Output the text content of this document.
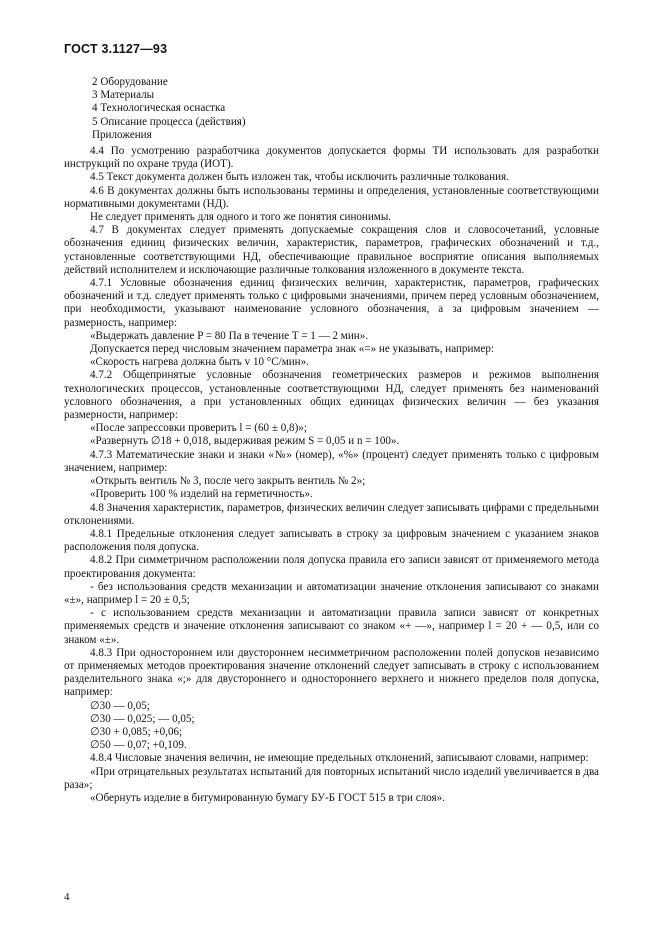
ГОСТ 3.1127—93

2 Оборудование

3 Материалы

4 Технологическая оснастка

5 Описание процесса (действия)

Приложения

4.4 По усмотрению разработчика документов допускается формы ТИ использовать для разработки инструкций по охране труда (ИОТ).

4.5 Текст документа должен быть изложен так, чтобы исключить различные толкования.

4.6 В документах должны быть использованы термины и определения, установленные соответствующими нормативными документами (НД).

Не следует применять для одного и того же понятия синонимы.

4.7 В документах следует применять допускаемые сокращения слов и словосочетаний, условные обозначения единиц физических величин, характеристик, параметров, графических обозначений и т.д., установленные соответствующими НД, обеспечивающие правильное восприятие описания выполняемых действий исполнителем и исключающие различные толкования изложенного в документе текста.

4.7.1 Условные обозначения единиц физических величин, характеристик, параметров, графических обозначений и т.д. следует применять только с цифровыми значениями, причем перед условным обозначением, при необходимости, указывают наименование условного обозначения, а за цифровым значением — размерность, например:

«Выдержать давление P = 80 Па в течение T = 1 — 2 мин».

Допускается перед числовым значением параметра знак «=» не указывать, например:

«Скорость нагрева должна быть v 10 °С/мин».

4.7.2 Общепринятые условные обозначения геометрических размеров и режимов выполнения технологических процессов, установленные соответствующими НД, следует применять без наименований условного обозначения, а при установленных общих единицах физических величин — без указания размерности, например:

«После запрессовки проверить l = (60 ± 0,8)»;

«Развернуть ∅18 + 0,018, выдерживая режим S = 0,05 и n = 100».

4.7.3 Математические знаки и знаки «№» (номер), «%» (процент) следует применять только с цифровым значением, например:

«Открыть вентиль № 3, после чего закрыть вентиль № 2»;

«Проверить 100 % изделий на герметичность».

4.8 Значения характеристик, параметров, физических величин следует записывать цифрами с предельными отклонениями.

4.8.1 Предельные отклонения следует записывать в строку за цифровым значением с указанием знаков расположения поля допуска.

4.8.2 При симметричном расположении поля допуска правила его записи зависят от применяемого метода проектирования документа:

- без использования средств механизации и автоматизации значение отклонения записывают со знаками «±», например l = 20 ± 0,5;

- с использованием средств механизации и автоматизации правила записи зависят от конкретных применяемых средств и значение отклонения записывают со знаком «+ —», например l = 20 + — 0,5, или со знаком «±».

4.8.3 При одностороннем или двустороннем несимметричном расположении полей допусков независимо от применяемых методов проектирования значение отклонений следует записывать в строку с использованием разделительного знака «;» для двустороннего и одностороннего верхнего и нижнего пределов поля допуска, например:

∅30 — 0,05;

∅30 — 0,025; — 0,05;

∅30 + 0,085; +0,06;

∅50 — 0,07; +0,109.

4.8.4 Числовые значения величин, не имеющие предельных отклонений, записывают словами, например:

«При отрицательных результатах испытаний для повторных испытаний число изделий увеличивается в два раза»;

«Обернуть изделие в битумированную бумагу БУ-Б ГОСТ 515 в три слоя».

4
